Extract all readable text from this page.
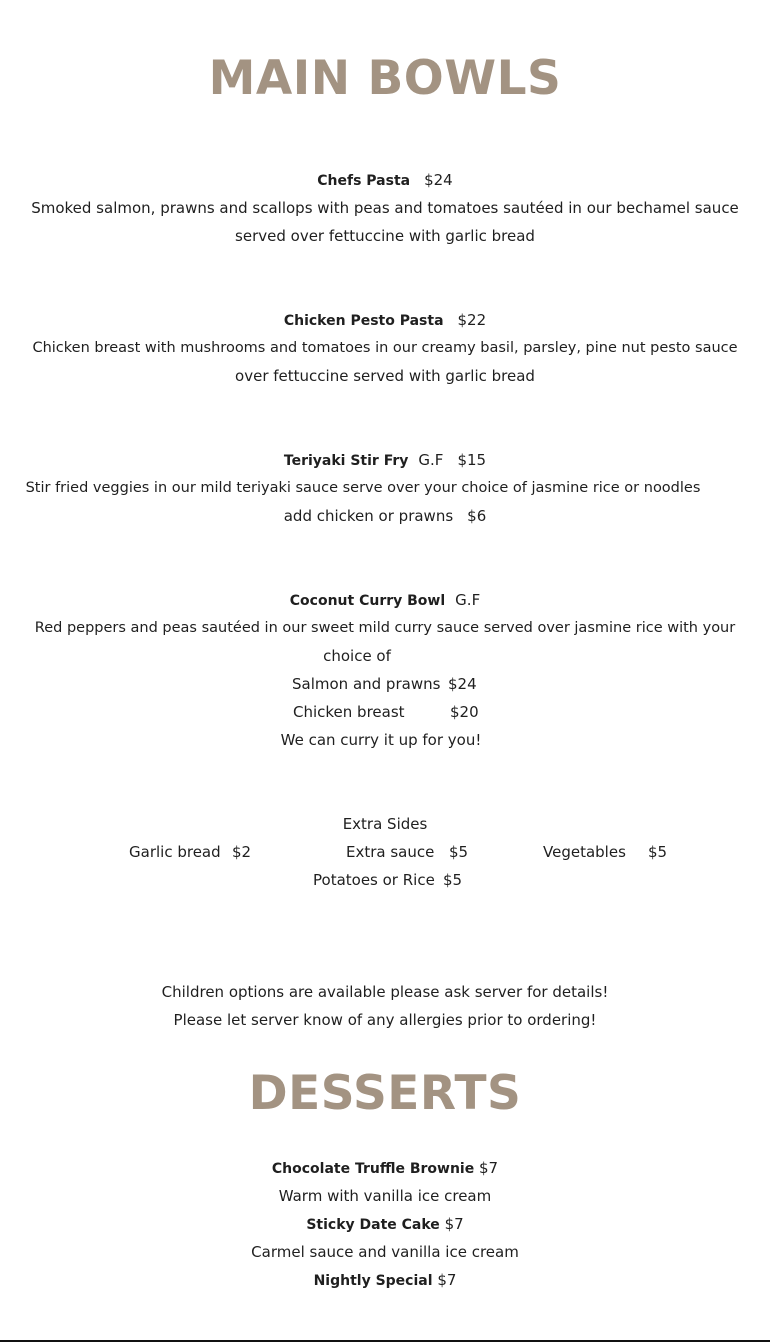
MAIN BOWLS
Chefs Pasta $24
Smoked salmon, prawns and scallops with peas and tomatoes sautéed in our bechamel sauce
served over fettuccine with garlic bread
Chicken Pesto Pasta $22
Chicken breast with mushrooms and tomatoes in our creamy basil, parsley, pine nut pesto sauce
over fettuccine served with garlic bread
Teriyaki Stir Fry G.F $15
Stir fried veggies in our mild teriyaki sauce serve over your choice of jasmine rice or noodles
add chicken or prawns $6
Coconut Curry Bowl G.F
Red peppers and peas sautéed in our sweet mild curry sauce served over jasmine rice with your
choice of
Salmon and prawns $24
Chicken breast	$20
We can curry it up for you!
Extra Sides
Garlic bread $2	Extra sauce $5	Vegetables $5
Potatoes or Rice $5
Children options are available please ask server for details!
Please let server know of any allergies prior to ordering!
DESSERTS
Chocolate Truffle Brownie $7
Warm with vanilla ice cream
Sticky Date Cake $7
Carmel sauce and vanilla ice cream
Nightly Special $7
